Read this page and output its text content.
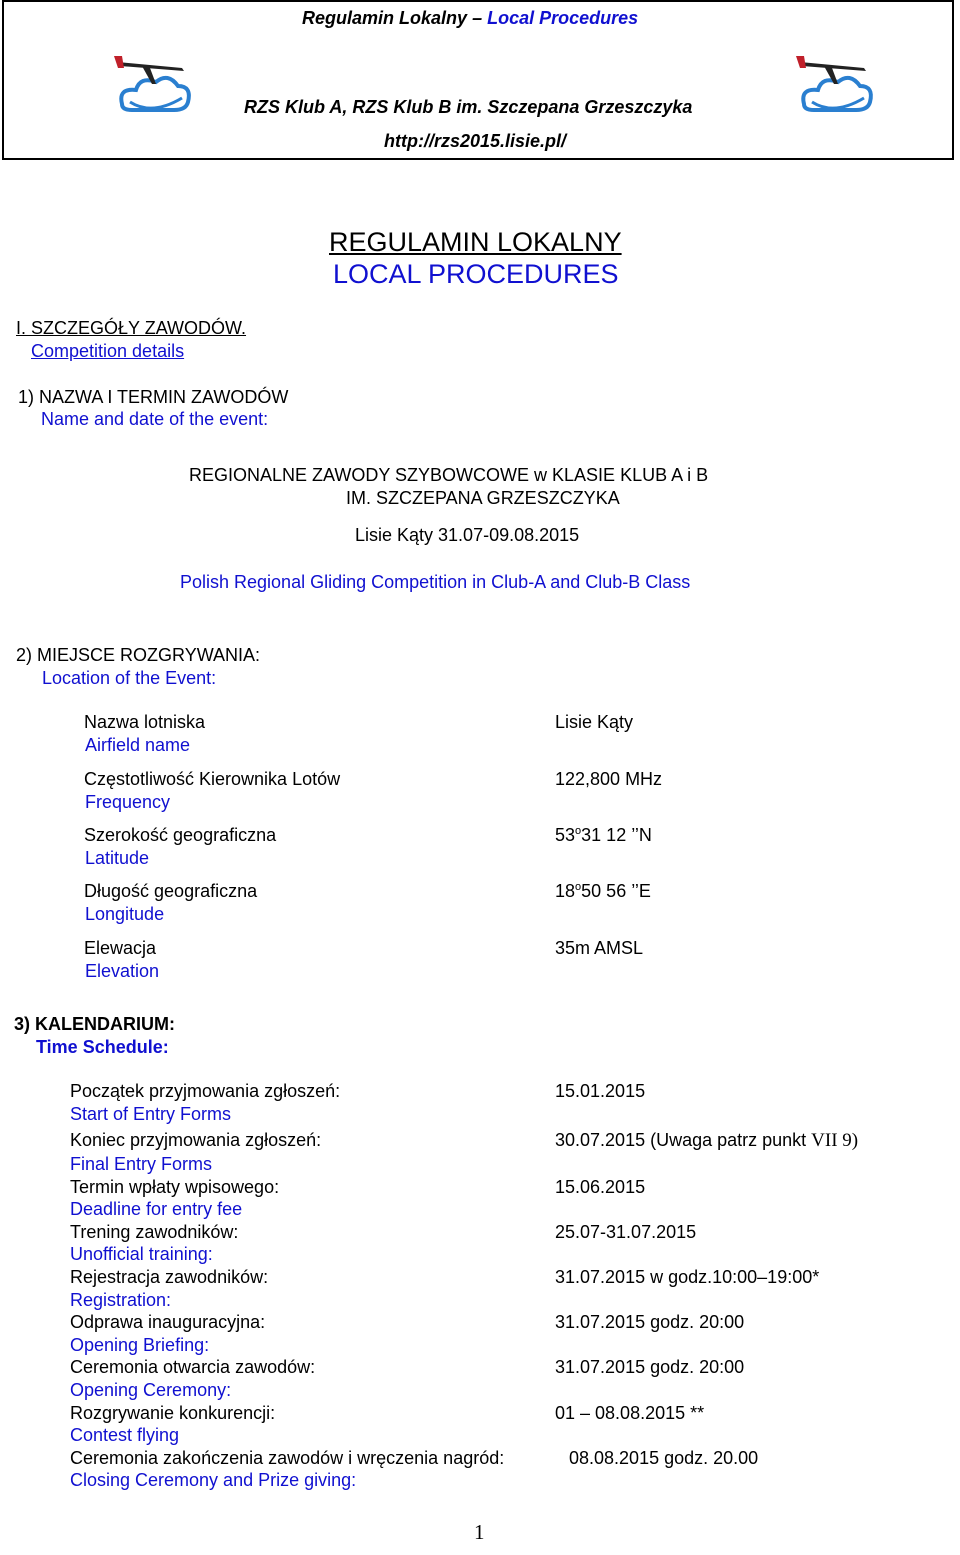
Regulamin Lokalny – Local Procedures
RZS Klub A, RZS Klub B im. Szczepana Grzeszczyka
http://rzs2015.lisie.pl/
REGULAMIN LOKALNY
LOCAL PROCEDURES
I. SZCZEGÓŁY ZAWODÓW.
Competition details
1) NAZWA I TERMIN ZAWODÓW
Name and date of the event:
REGIONALNE ZAWODY SZYBOWCOWE w KLASIE KLUB A i B
IM. SZCZEPANA GRZESZCZYKA
Lisie Kąty 31.07-09.08.2015
Polish Regional Gliding Competition in Club-A and Club-B Class
2) MIEJSCE ROZGRYWANIA:
Location of the Event:
Nazwa lotniska
Airfield name
Lisie Kąty
Częstotliwość Kierownika Lotów
Frequency
122,800 MHz
Szerokość geograficzna
Latitude
53$^o$31 12 ’’N
Długość geograficzna
Longitude
18$^o$50 56 ’’E
Elewacja
Elevation
35m AMSL
3) KALENDARIUM:
Time Schedule:
Początek przyjmowania zgłoszeń:
Start of Entry Forms
15.01.2015
Koniec przyjmowania zgłoszeń:
Final Entry Forms
30.07.2015 (Uwaga patrz punkt VII 9)
Termin wpłaty wpisowego:
Deadline for entry fee
15.06.2015
Trening zawodników:
Unofficial training:
25.07-31.07.2015
Rejestracja zawodników:
Registration:
31.07.2015 w godz.10:00–19:00*
Odprawa inauguracyjna:
Opening Briefing:
31.07.2015 godz. 20:00
Ceremonia otwarcia zawodów:
Opening Ceremony:
31.07.2015 godz. 20:00
Rozgrywanie konkurencji:
Contest flying
01 – 08.08.2015 **
Ceremonia zakończenia zawodów i wręczenia nagród:
Closing Ceremony and Prize giving:
08.08.2015 godz. 20.00
1
